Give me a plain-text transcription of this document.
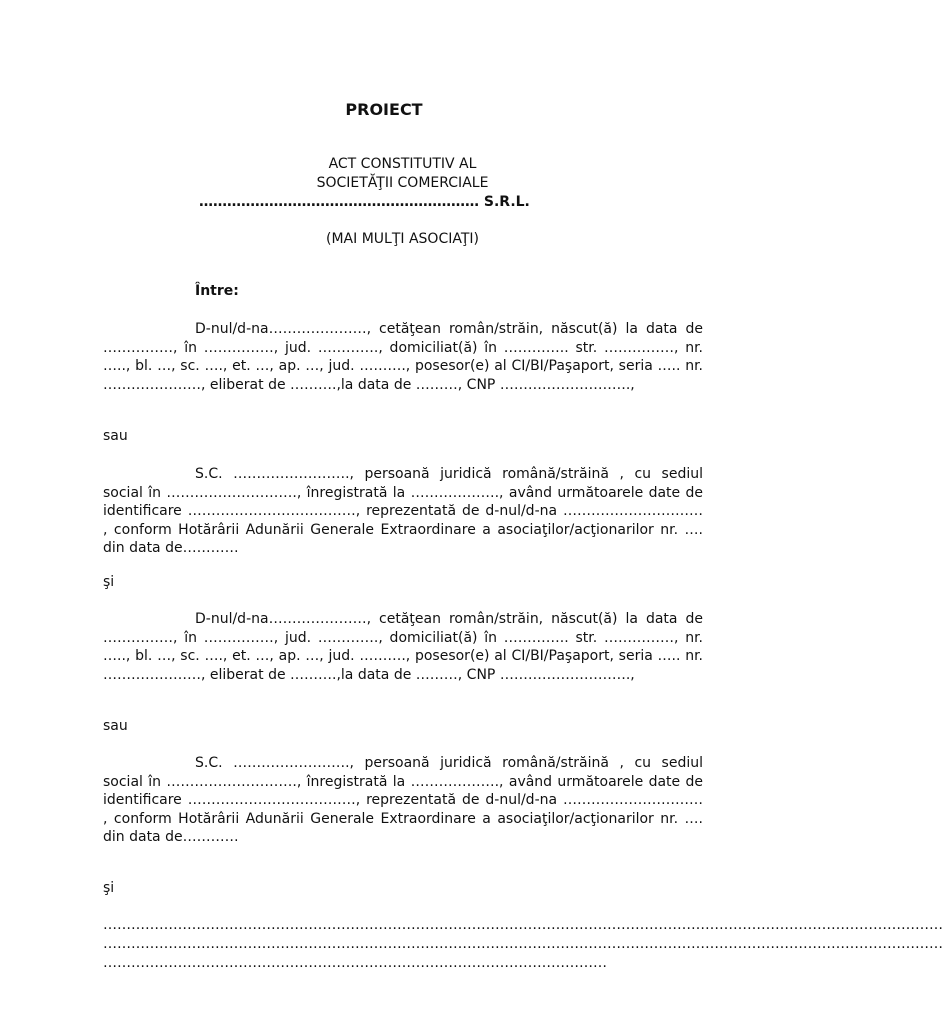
PROIECT

ACT CONSTITUTIV AL

SOCIETĂŢII COMERCIALE

…………………………………………………… S.R.L.

(MAI MULŢI ASOCIAŢI)

Între:

D-nul/d-na…………………, cetăţean român/străin, născut(ă) la data de ……………, în ……………, jud. …………., domiciliat(ă) în ………….. str. ……………, nr. ….., bl. …, sc. …., et. …, ap. …, jud. ………., posesor(e) al CI/BI/Paşaport, seria ….. nr. …………………, eliberat de ……….,la data de ………, CNP ……………………….,

sau

S.C. ……………………., persoană juridică română/străină , cu sediul social în ………………………., înregistrată la ………………., având următoarele date de identificare ………………………………, reprezentată de d-nul/d-na ………………………… , conform Hotărârii Adunării Generale Extraordinare a asociaţilor/acţionarilor nr. …. din data de…………

şi

D-nul/d-na…………………, cetăţean român/străin, născut(ă) la data de ……………, în ……………, jud. …………., domiciliat(ă) în ………….. str. ……………, nr. ….., bl. …, sc. …., et. …, ap. …, jud. ………., posesor(e) al CI/BI/Paşaport, seria ….. nr. …………………, eliberat de ……….,la data de ………, CNP ……………………….,

sau

S.C. ……………………., persoană juridică română/străină , cu sediul social în ………………………., înregistrată la ………………., având următoarele date de identificare ………………………………, reprezentată de d-nul/d-na ………………………… , conform Hotărârii Adunării Generale Extraordinare a asociaţilor/acţionarilor nr. …. din data de…………

şi

………………………………………………………………………………………………………………………………………………………………

………………………………………………………………………………………………………………………………………………………………

………………………………………………………………………………………………
